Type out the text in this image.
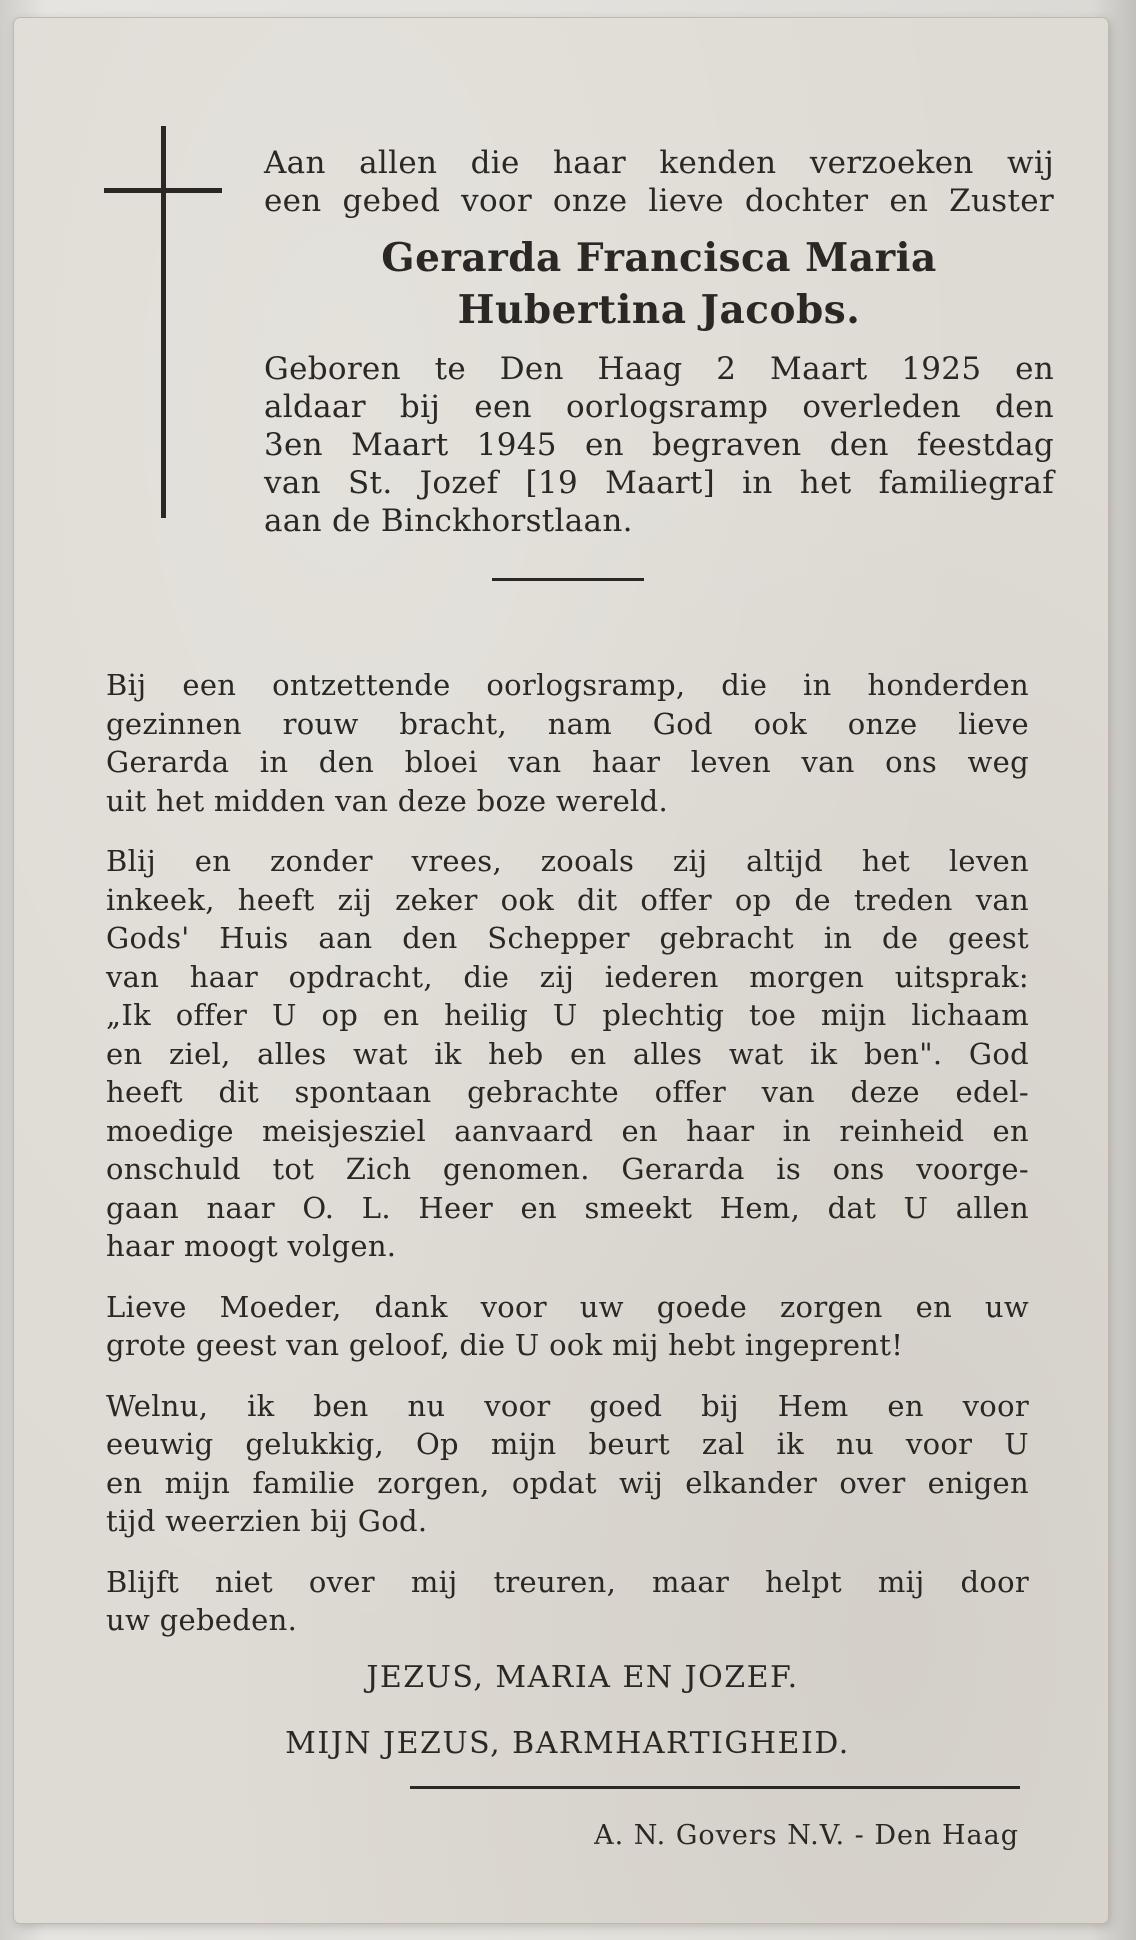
Aan allen die haar kenden verzoeken wij
een gebed voor onze lieve dochter en Zuster
Gerarda Francisca Maria
Hubertina Jacobs.
Geboren te Den Haag 2 Maart 1925 en
aldaar bij een oorlogsramp overleden den
3en Maart 1945 en begraven den feestdag
van St. Jozef [19 Maart] in het familiegraf
aan de Binckhorstlaan.
Bij een ontzettende oorlogsramp, die in honderden
gezinnen rouw bracht, nam God ook onze lieve
Gerarda in den bloei van haar leven van ons weg
uit het midden van deze boze wereld.
Blij en zonder vrees, zooals zij altijd het leven
inkeek, heeft zij zeker ook dit offer op de treden van
Gods' Huis aan den Schepper gebracht in de geest
van haar opdracht, die zij iederen morgen uitsprak:
„Ik offer U op en heilig U plechtig toe mijn lichaam
en ziel, alles wat ik heb en alles wat ik ben". God
heeft dit spontaan gebrachte offer van deze edel-
moedige meisjesziel aanvaard en haar in reinheid en
onschuld tot Zich genomen. Gerarda is ons voorge-
gaan naar O. L. Heer en smeekt Hem, dat U allen
haar moogt volgen.
Lieve Moeder, dank voor uw goede zorgen en uw
grote geest van geloof, die U ook mij hebt ingeprent!
Welnu, ik ben nu voor goed bij Hem en voor
eeuwig gelukkig, Op mijn beurt zal ik nu voor U
en mijn familie zorgen, opdat wij elkander over enigen
tijd weerzien bij God.
Blijft niet over mij treuren, maar helpt mij door
uw gebeden.
JEZUS, MARIA EN JOZEF.
MIJN JEZUS, BARMHARTIGHEID.
A. N. Govers N.V. - Den Haag
